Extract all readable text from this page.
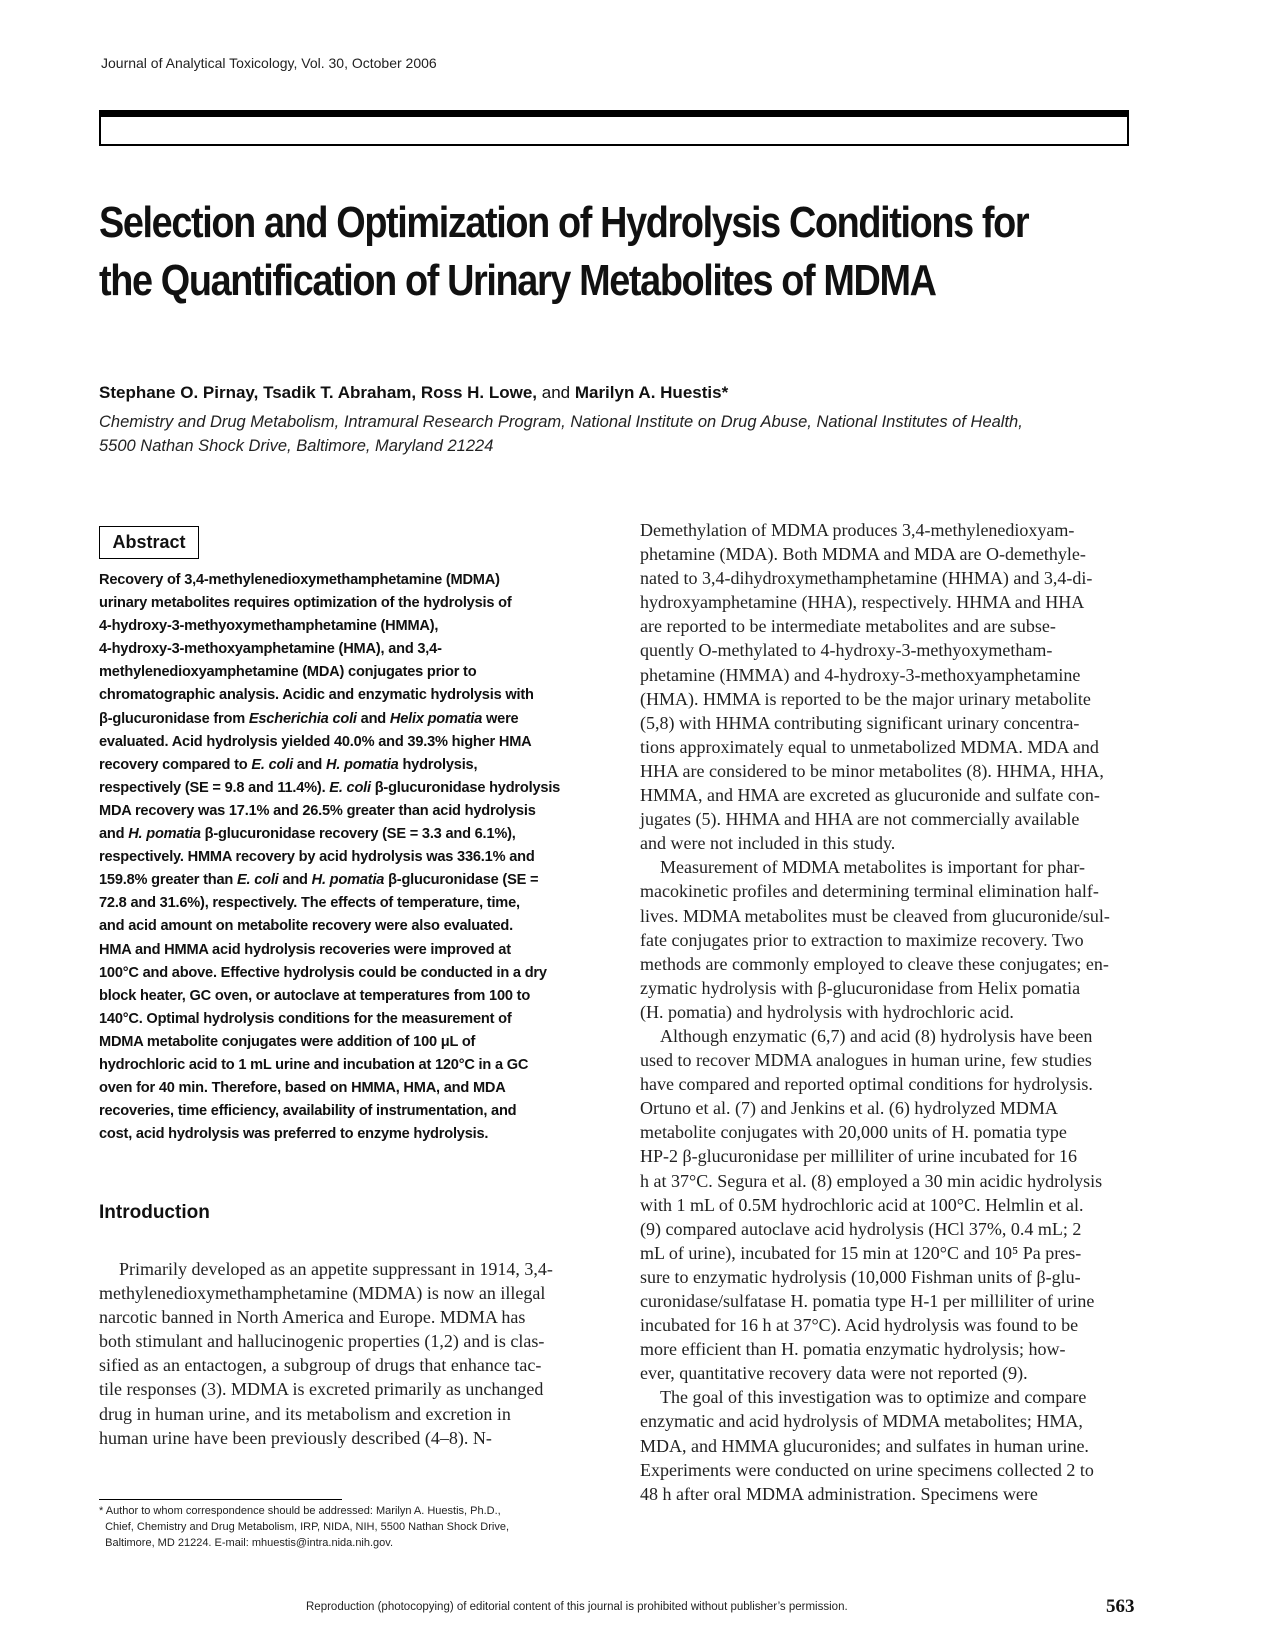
Journal of Analytical Toxicology, Vol. 30, October 2006
Selection and Optimization of Hydrolysis Conditions for
the Quantification of Urinary Metabolites of MDMA
Stephane O. Pirnay, Tsadik T. Abraham, Ross H. Lowe, and Marilyn A. Huestis*
Chemistry and Drug Metabolism, Intramural Research Program, National Institute on Drug Abuse, National Institutes of Health,
5500 Nathan Shock Drive, Baltimore, Maryland 21224
Abstract
Recovery of 3,4-methylenedioxymethamphetamine (MDMA)
urinary metabolites requires optimization of the hydrolysis of
4-hydroxy-3-methyoxymethamphetamine (HMMA),
4-hydroxy-3-methoxyamphetamine (HMA), and 3,4-
methylenedioxyamphetamine (MDA) conjugates prior to
chromatographic analysis. Acidic and enzymatic hydrolysis with
β-glucuronidase from Escherichia coli and Helix pomatia were
evaluated. Acid hydrolysis yielded 40.0% and 39.3% higher HMA
recovery compared to E. coli and H. pomatia hydrolysis,
respectively (SE = 9.8 and 11.4%). E. coli β-glucuronidase hydrolysis
MDA recovery was 17.1% and 26.5% greater than acid hydrolysis
and H. pomatia β-glucuronidase recovery (SE = 3.3 and 6.1%),
respectively. HMMA recovery by acid hydrolysis was 336.1% and
159.8% greater than E. coli and H. pomatia β-glucuronidase (SE =
72.8 and 31.6%), respectively. The effects of temperature, time,
and acid amount on metabolite recovery were also evaluated.
HMA and HMMA acid hydrolysis recoveries were improved at
100°C and above. Effective hydrolysis could be conducted in a dry
block heater, GC oven, or autoclave at temperatures from 100 to
140°C. Optimal hydrolysis conditions for the measurement of
MDMA metabolite conjugates were addition of 100 μL of
hydrochloric acid to 1 mL urine and incubation at 120°C in a GC
oven for 40 min. Therefore, based on HMMA, HMA, and MDA
recoveries, time efficiency, availability of instrumentation, and
cost, acid hydrolysis was preferred to enzyme hydrolysis.
Introduction
Primarily developed as an appetite suppressant in 1914, 3,4-
methylenedioxymethamphetamine (MDMA) is now an illegal
narcotic banned in North America and Europe. MDMA has
both stimulant and hallucinogenic properties (1,2) and is clas-
sified as an entactogen, a subgroup of drugs that enhance tac-
tile responses (3). MDMA is excreted primarily as unchanged
drug in human urine, and its metabolism and excretion in
human urine have been previously described (4–8). N-
Demethylation of MDMA produces 3,4-methylenedioxyam-
phetamine (MDA). Both MDMA and MDA are O-demethyle-
nated to 3,4-dihydroxymethamphetamine (HHMA) and 3,4-di-
hydroxyamphetamine (HHA), respectively. HHMA and HHA
are reported to be intermediate metabolites and are subse-
quently O-methylated to 4-hydroxy-3-methyoxymetham-
phetamine (HMMA) and 4-hydroxy-3-methoxyamphetamine
(HMA). HMMA is reported to be the major urinary metabolite
(5,8) with HHMA contributing significant urinary concentra-
tions approximately equal to unmetabolized MDMA. MDA and
HHA are considered to be minor metabolites (8). HHMA, HHA,
HMMA, and HMA are excreted as glucuronide and sulfate con-
jugates (5). HHMA and HHA are not commercially available
and were not included in this study.
Measurement of MDMA metabolites is important for phar-
macokinetic profiles and determining terminal elimination half-
lives. MDMA metabolites must be cleaved from glucuronide/sul-
fate conjugates prior to extraction to maximize recovery. Two
methods are commonly employed to cleave these conjugates; en-
zymatic hydrolysis with β-glucuronidase from Helix pomatia
(H. pomatia) and hydrolysis with hydrochloric acid.
Although enzymatic (6,7) and acid (8) hydrolysis have been
used to recover MDMA analogues in human urine, few studies
have compared and reported optimal conditions for hydrolysis.
Ortuno et al. (7) and Jenkins et al. (6) hydrolyzed MDMA
metabolite conjugates with 20,000 units of H. pomatia type
HP-2 β-glucuronidase per milliliter of urine incubated for 16
h at 37°C. Segura et al. (8) employed a 30 min acidic hydrolysis
with 1 mL of 0.5M hydrochloric acid at 100°C. Helmlin et al.
(9) compared autoclave acid hydrolysis (HCl 37%, 0.4 mL; 2
mL of urine), incubated for 15 min at 120°C and 10⁵ Pa pres-
sure to enzymatic hydrolysis (10,000 Fishman units of β-glu-
curonidase/sulfatase H. pomatia type H-1 per milliliter of urine
incubated for 16 h at 37°C). Acid hydrolysis was found to be
more efficient than H. pomatia enzymatic hydrolysis; how-
ever, quantitative recovery data were not reported (9).
The goal of this investigation was to optimize and compare
enzymatic and acid hydrolysis of MDMA metabolites; HMA,
MDA, and HMMA glucuronides; and sulfates in human urine.
Experiments were conducted on urine specimens collected 2 to
48 h after oral MDMA administration. Specimens were
* Author to whom correspondence should be addressed: Marilyn A. Huestis, Ph.D.,
Chief, Chemistry and Drug Metabolism, IRP, NIDA, NIH, 5500 Nathan Shock Drive,
Baltimore, MD 21224. E-mail: mhuestis@intra.nida.nih.gov.
Reproduction (photocopying) of editorial content of this journal is prohibited without publisher’s permission.	563
